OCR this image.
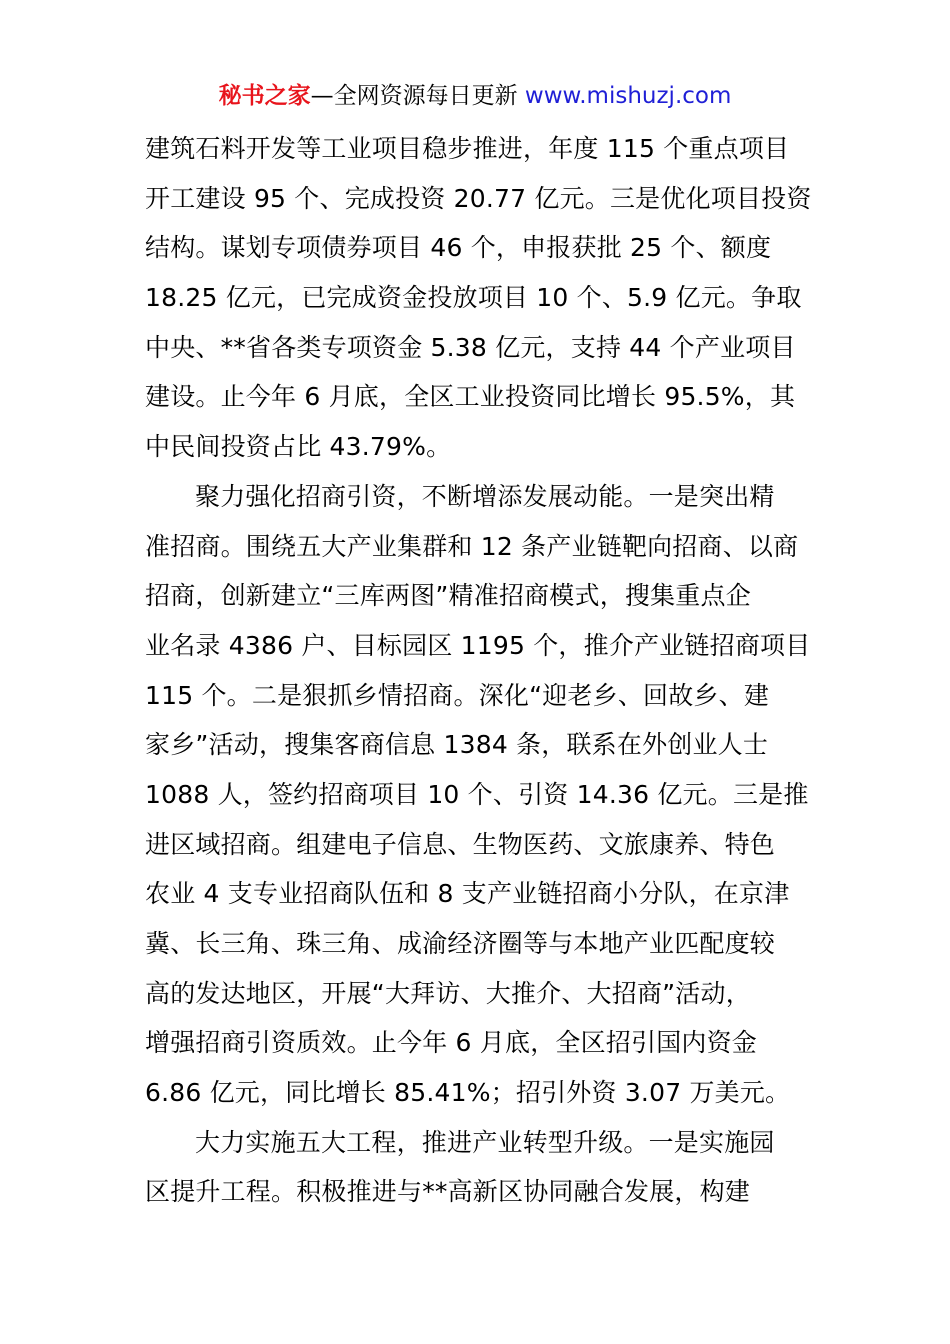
秘书之家—全网资源每日更新 www.mishuzj.com
建筑石料开发等工业项目稳步推进，年度 115 个重点项目
开工建设 95 个、完成投资 20.77 亿元。三是优化项目投资
结构。谋划专项债券项目 46 个，申报获批 25 个、额度
18.25 亿元，已完成资金投放项目 10 个、5.9 亿元。争取
中央、**省各类专项资金 5.38 亿元，支持 44 个产业项目
建设。止今年 6 月底，全区工业投资同比增长 95.5%，其
中民间投资占比 43.79%。
聚力强化招商引资，不断增添发展动能。一是突出精
准招商。围绕五大产业集群和 12 条产业链靶向招商、以商
招商，创新建立“三库两图”精准招商模式，搜集重点企
业名录 4386 户、目标园区 1195 个，推介产业链招商项目
115 个。二是狠抓乡情招商。深化“迎老乡、回故乡、建
家乡”活动，搜集客商信息 1384 条，联系在外创业人士
1088 人，签约招商项目 10 个、引资 14.36 亿元。三是推
进区域招商。组建电子信息、生物医药、文旅康养、特色
农业 4 支专业招商队伍和 8 支产业链招商小分队，在京津
冀、长三角、珠三角、成渝经济圈等与本地产业匹配度较
高的发达地区，开展“大拜访、大推介、大招商”活动，
增强招商引资质效。止今年 6 月底，全区招引国内资金
6.86 亿元，同比增长 85.41%；招引外资 3.07 万美元。
大力实施五大工程，推进产业转型升级。一是实施园
区提升工程。积极推进与**高新区协同融合发展，构建
